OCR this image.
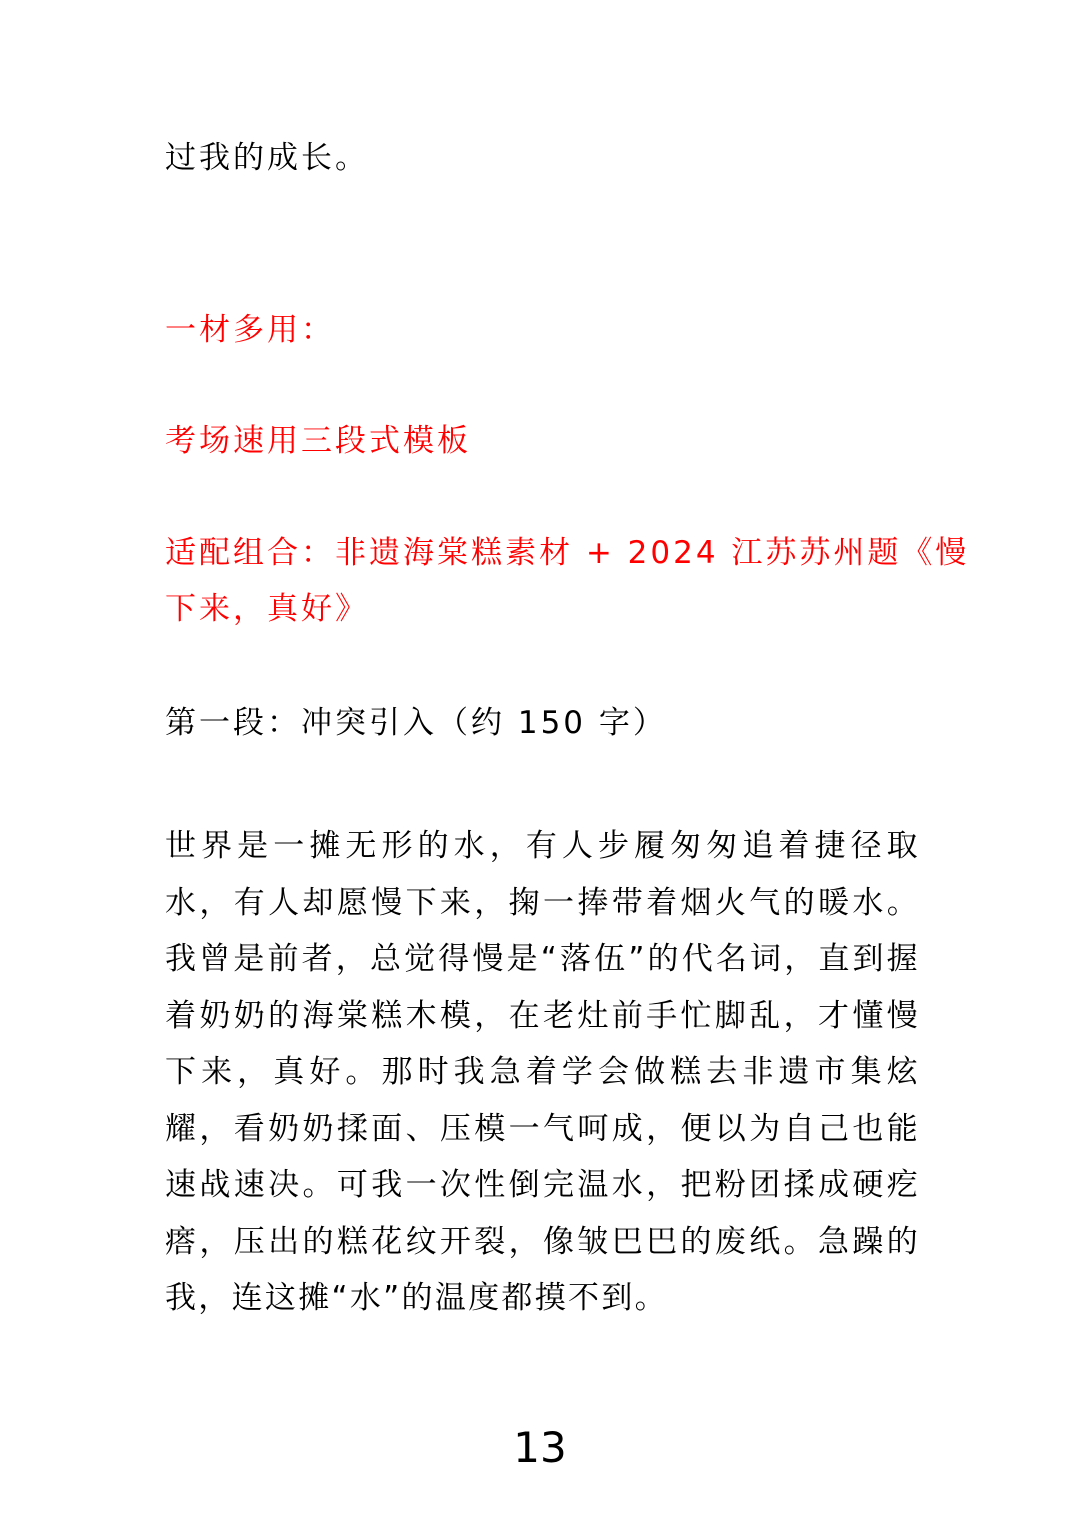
过我的成长。
一材多用：
考场速用三段式模板
适配组合：非遗海棠糕素材 + 2024 江苏苏州题《慢
下来，真好》
第一段：冲突引入（约 150 字）

世界是一摊无形的水，有人步履匆匆追着捷径取水，有人却愿慢下来，掬一捧带着烟火气的暖水。我曾是前者，总觉得慢是“落伍”的代名词，直到握着奶奶的海棠糕木模，在老灶前手忙脚乱，才懂慢下来，真好。那时我急着学会做糕去非遗市集炫耀，看奶奶揉面、压模一气呵成，便以为自己也能速战速决。可我一次性倒完温水，把粉团揉成硬疙瘩，压出的糕花纹开裂，像皱巴巴的废纸。急躁的我，连这摊“水”的温度都摸不到。

13
